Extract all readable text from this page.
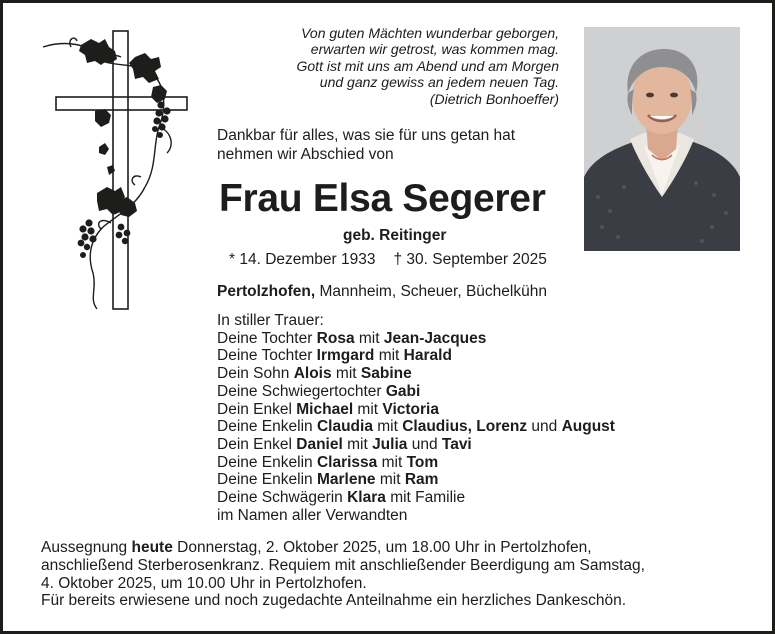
Von guten Mächten wunderbar geborgen,
erwarten wir getrost, was kommen mag.
Gott ist mit uns am Abend und am Morgen
und ganz gewiss an jedem neuen Tag.
(Dietrich Bonhoeffer)
Dankbar für alles, was sie für uns getan hat
nehmen wir Abschied von
Frau Elsa Segerer
geb. Reitinger
* 14. Dezember 1933 † 30. September 2025
Pertolzhofen, Mannheim, Scheuer, Büchelkühn
In stiller Trauer:
Deine Tochter Rosa mit Jean-Jacques
Deine Tochter Irmgard mit Harald
Dein Sohn Alois mit Sabine
Deine Schwiegertochter Gabi
Dein Enkel Michael mit Victoria
Deine Enkelin Claudia mit Claudius, Lorenz und August
Dein Enkel Daniel mit Julia und Tavi
Deine Enkelin Clarissa mit Tom
Deine Enkelin Marlene mit Ram
Deine Schwägerin Klara mit Familie
im Namen aller Verwandten
Aussegnung heute Donnerstag, 2. Oktober 2025, um 18.00 Uhr in Pertolzhofen,
anschließend Sterberosenkranz. Requiem mit anschließender Beerdigung am Samstag,
4. Oktober 2025, um 10.00 Uhr in Pertolzhofen.
Für bereits erwiesene und noch zugedachte Anteilnahme ein herzliches Dankeschön.
